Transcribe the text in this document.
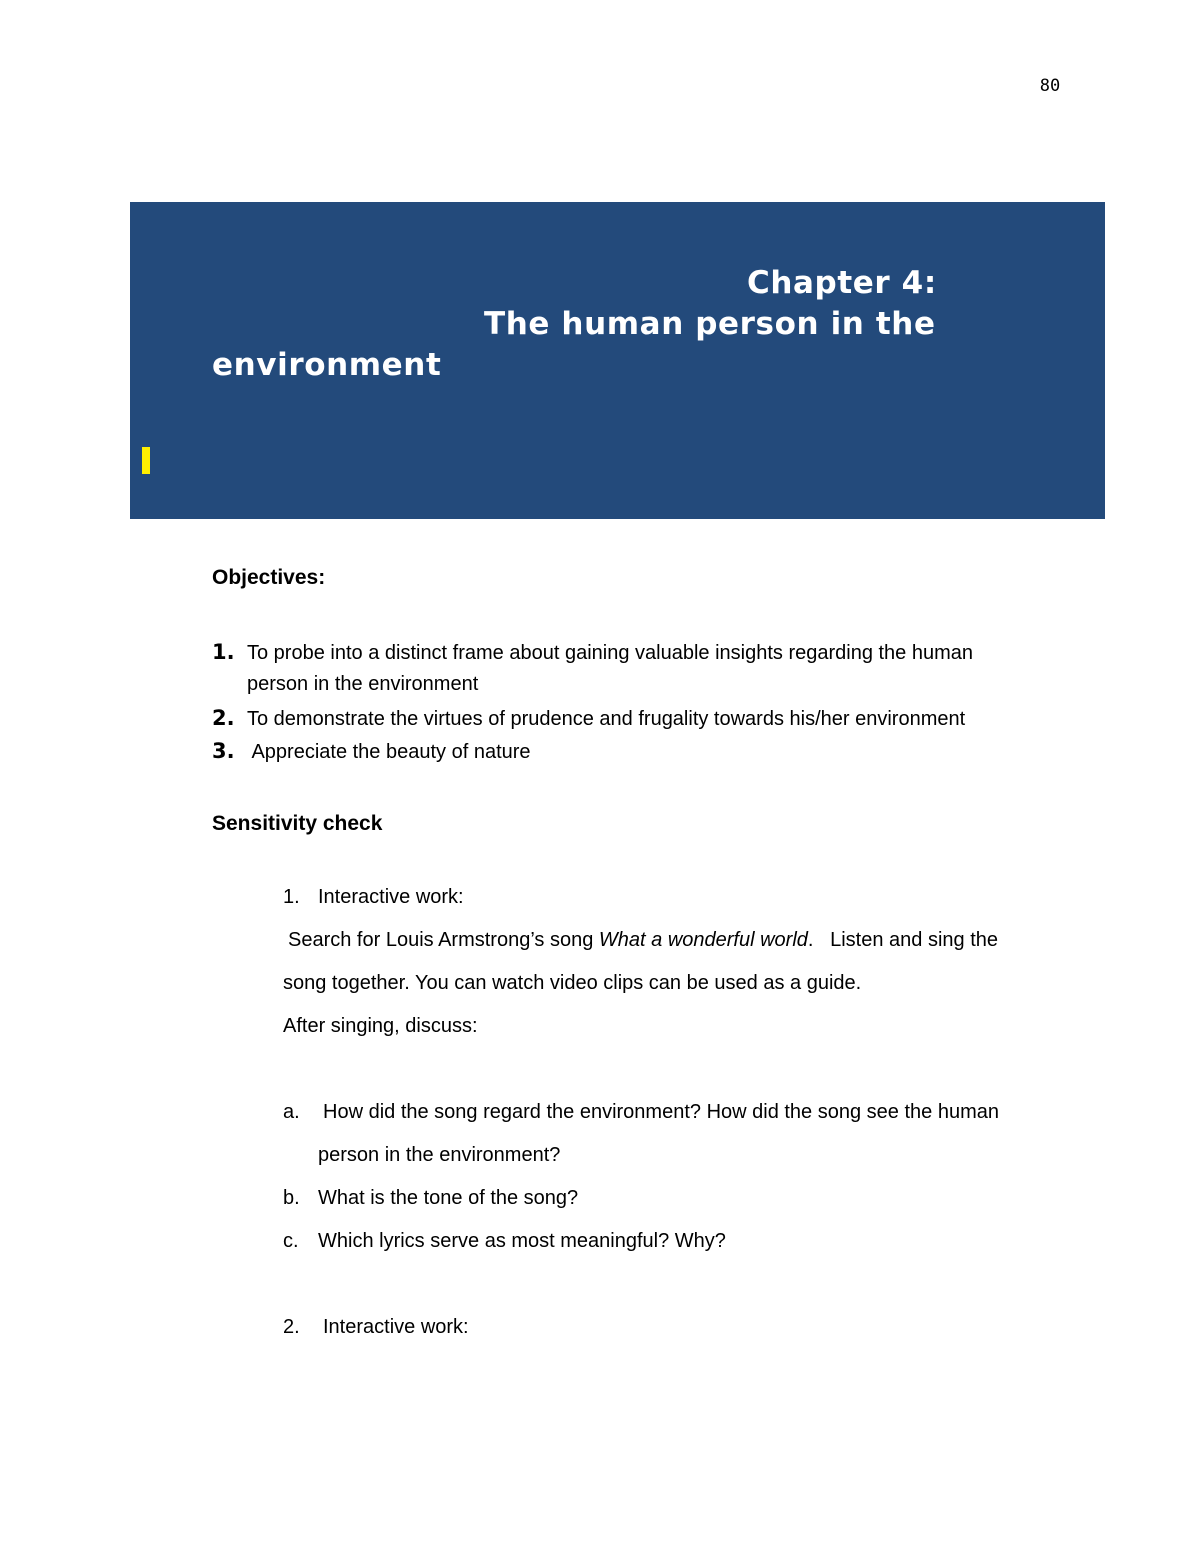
80
Chapter 4:
The human person in the
environment
Objectives:
1. To probe into a distinct frame about gaining valuable insights regarding the human
person in the environment
2. To demonstrate the virtues of prudence and frugality towards his/her environment
3. Appreciate the beauty of nature
Sensitivity check
1. Interactive work:
Search for Louis Armstrong’s song What a wonderful world.   Listen and sing the
song together. You can watch video clips can be used as a guide.
After singing, discuss:
a. How did the song regard the environment? How did the song see the human
person in the environment?
b. What is the tone of the song?
c. Which lyrics serve as most meaningful? Why?
2. Interactive work:
